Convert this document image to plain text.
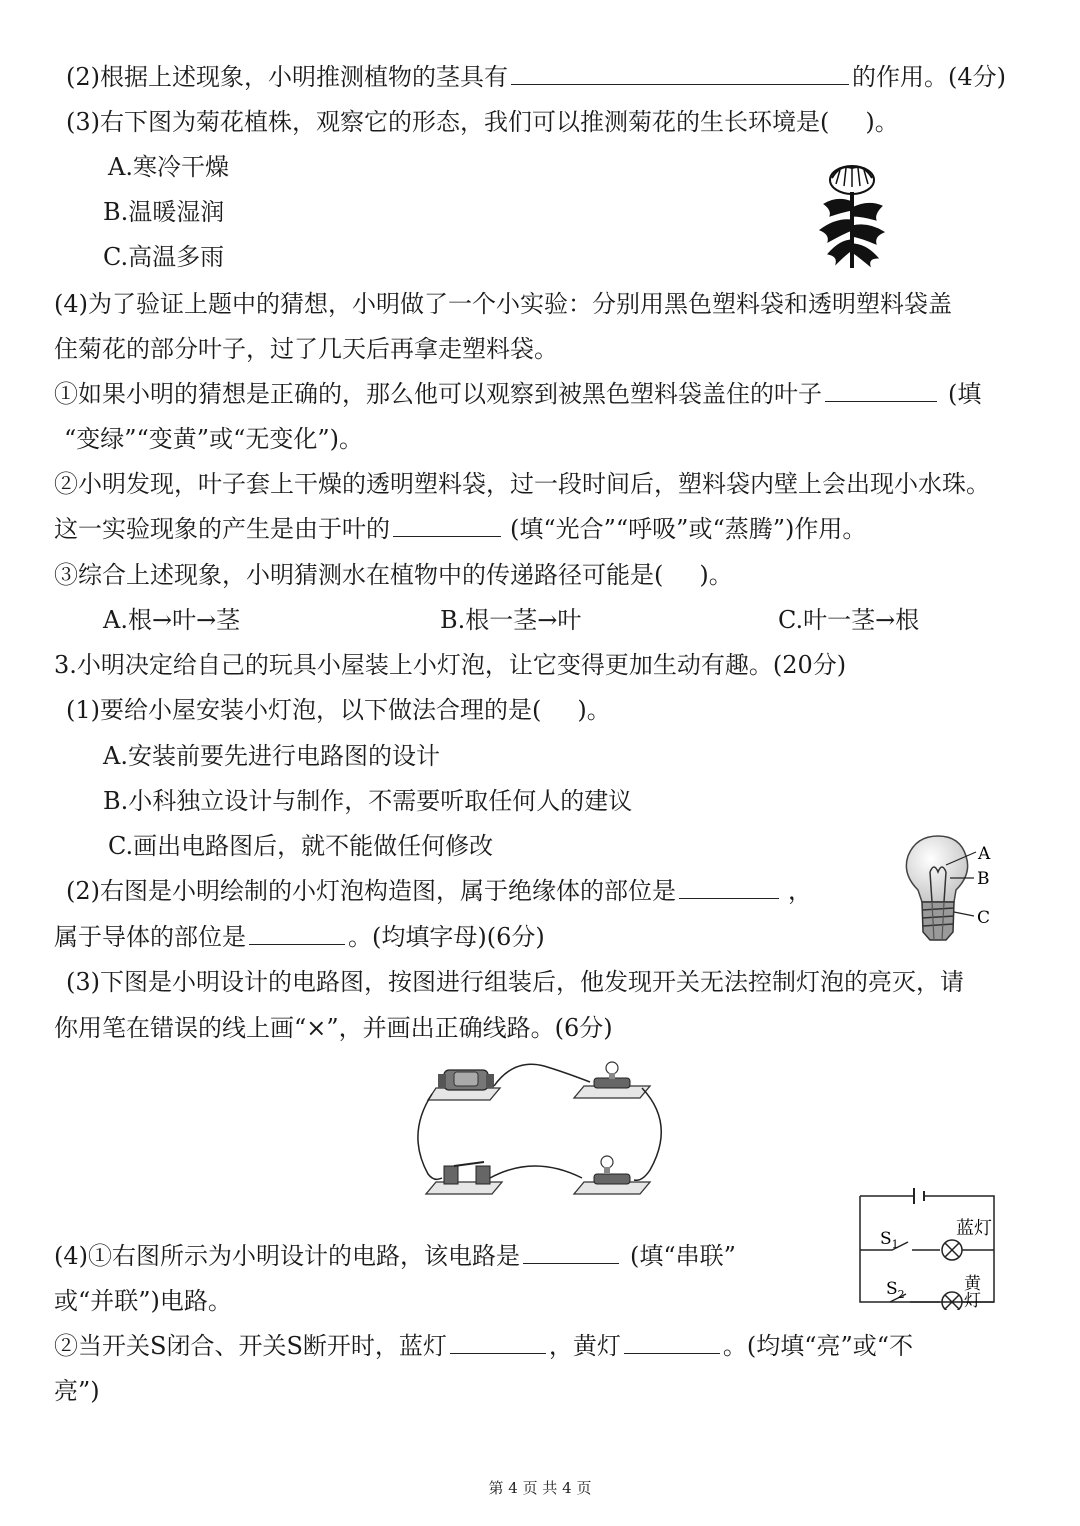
(2)根据上述现象，小明推测植物的茎具有	的作用。(4分)
(3)右下图为菊花植株，观察它的形态，我们可以推测菊花的生长环境是( )。
A.寒冷干燥
B.温暖湿润
C.高温多雨
(4)为了验证上题中的猜想，小明做了一个小实验：分别用黑色塑料袋和透明塑料袋盖
住菊花的部分叶子，过了几天后再拿走塑料袋。
①如果小明的猜想是正确的，那么他可以观察到被黑色塑料袋盖住的叶子	(填
“变绿”“变黄”或“无变化”)。
②小明发现，叶子套上干燥的透明塑料袋，过一段时间后，塑料袋内壁上会出现小水珠。
这一实验现象的产生是由于叶的	(填“光合”“呼吸”或“蒸腾”)作用。
③综合上述现象，小明猜测水在植物中的传递路径可能是( )。
A.根→叶→茎	B.根一茎→叶	C.叶一茎→根
3.小明决定给自己的玩具小屋装上小灯泡，让它变得更加生动有趣。(20分)
(1)要给小屋安装小灯泡，以下做法合理的是( )。
A.安装前要先进行电路图的设计
B.小科独立设计与制作，不需要听取任何人的建议
C.画出电路图后，就不能做任何修改	A
B
C
(2)右图是小明绘制的小灯泡构造图，属于绝缘体的部位是	，
属于导体的部位是	。(均填字母)(6分)
(3)下图是小明设计的电路图，按图进行组装后，他发现开关无法控制灯泡的亮灭，请
你用笔在错误的线上画“×”，并画出正确线路。(6分)
$S_1$
$S_2$
蓝灯
黄灯
(4)①右图所示为小明设计的电路，该电路是	(填“串联”
或“并联”)电路。
②当开关S闭合、开关S断开时，蓝灯	，黄灯	。(均填“亮”或“不
亮”)
第 4 页 共 4 页
